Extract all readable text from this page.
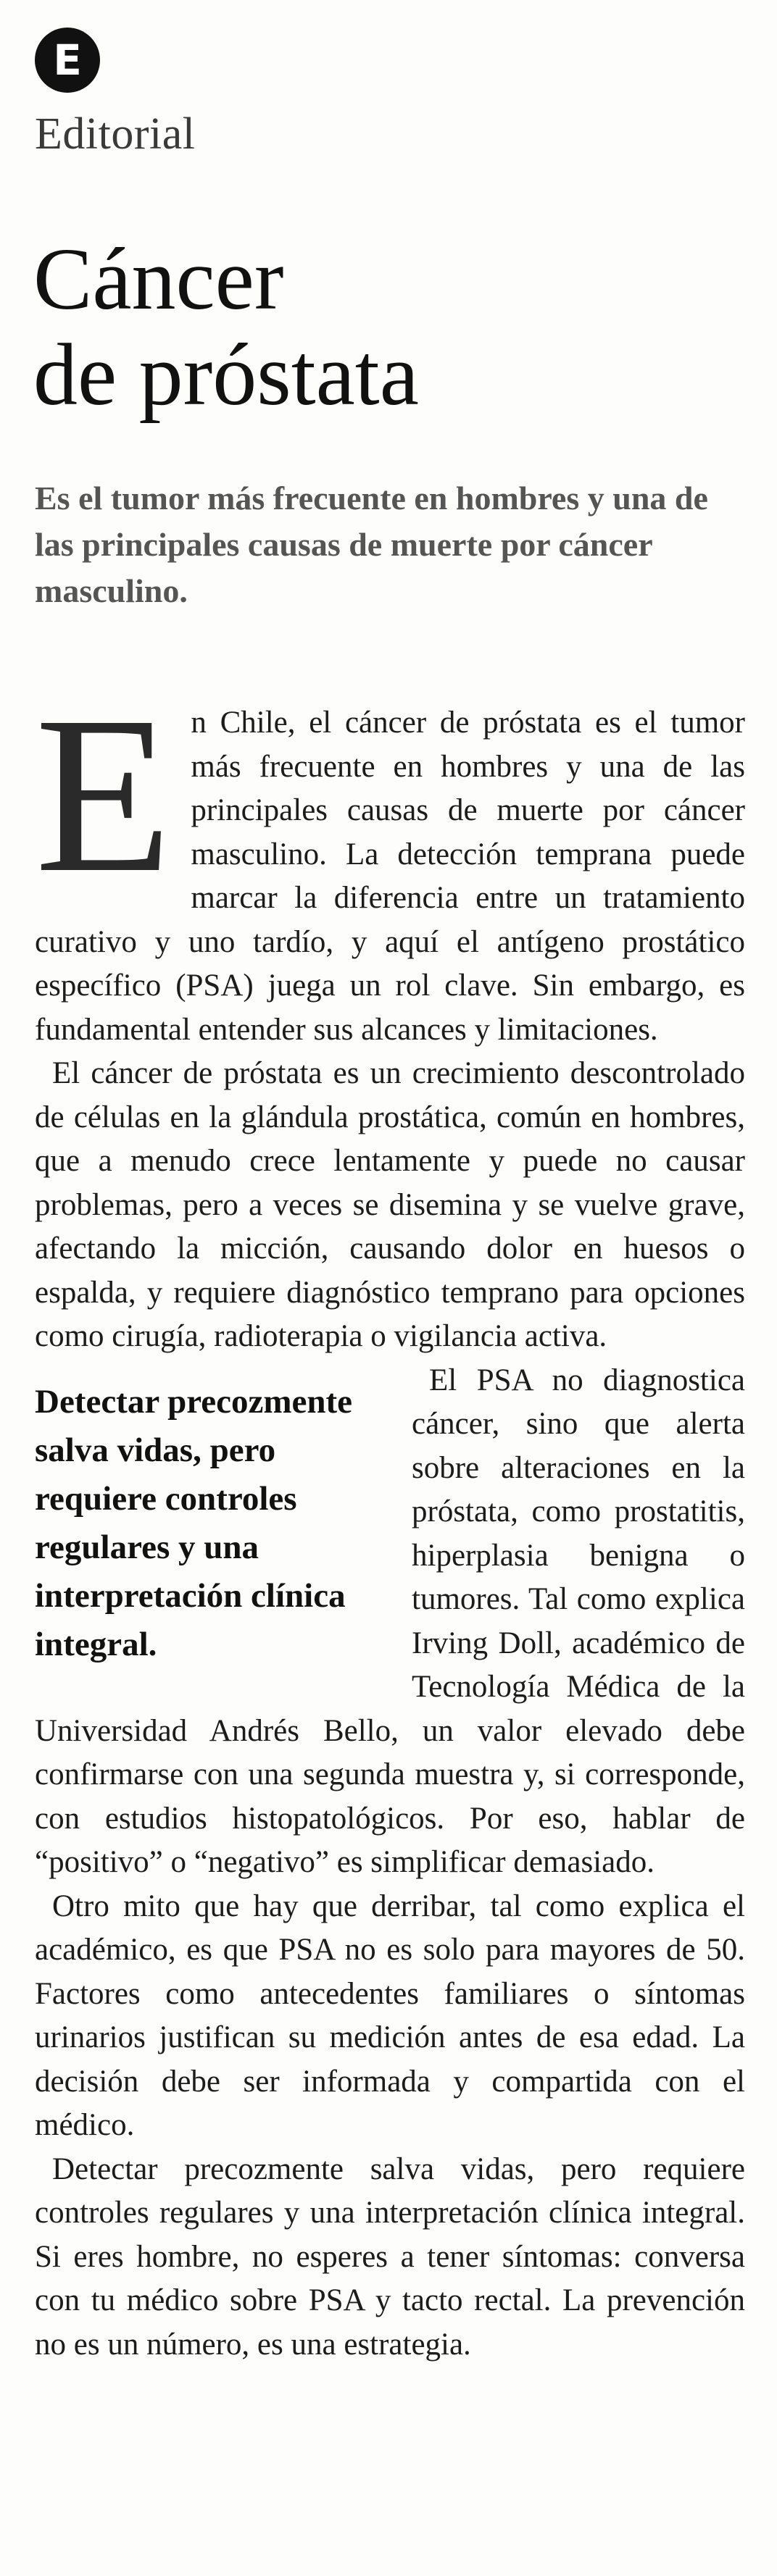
E
Editorial
Cáncer
de próstata
Es el tumor más frecuente en hombres y una de las principales causas de muerte por cáncer masculino.

En Chile, el cáncer de próstata es el tumor más frecuente en hombres y una de las principales causas de muerte por cáncer masculino. La detección temprana puede marcar la diferencia entre un tratamiento curativo y uno tardío, y aquí el antígeno prostático específico (PSA) juega un rol clave. Sin embargo, es fundamental entender sus alcances y limitaciones.

El cáncer de próstata es un crecimiento descontrolado de células en la glándula prostática, común en hombres, que a menudo crece lentamente y puede no causar problemas, pero a veces se disemina y se vuelve grave, afectando la micción, causando dolor en huesos o espalda, y requiere diagnóstico temprano para opciones como cirugía, radioterapia o vigilancia activa.

Detectar precozmente salva vidas, pero requiere controles regulares y una interpretación clínica integral.

El PSA no diagnostica cáncer, sino que alerta sobre alteraciones en la próstata, como prostatitis, hiperplasia benigna o tumores. Tal como explica Irving Doll, académico de Tecnología Médica de la Universidad Andrés Bello, un valor elevado debe confirmarse con una segunda muestra y, si corresponde, con estudios histopatológicos. Por eso, hablar de “positivo” o “negativo” es simplificar demasiado.

Otro mito que hay que derribar, tal como explica el académico, es que PSA no es solo para mayores de 50. Factores como antecedentes familiares o síntomas urinarios justifican su medición antes de esa edad. La decisión debe ser informada y compartida con el médico.

Detectar precozmente salva vidas, pero requiere controles regulares y una interpretación clínica integral. Si eres hombre, no esperes a tener síntomas: conversa con tu médico sobre PSA y tacto rectal. La prevención no es un número, es una estrategia.
